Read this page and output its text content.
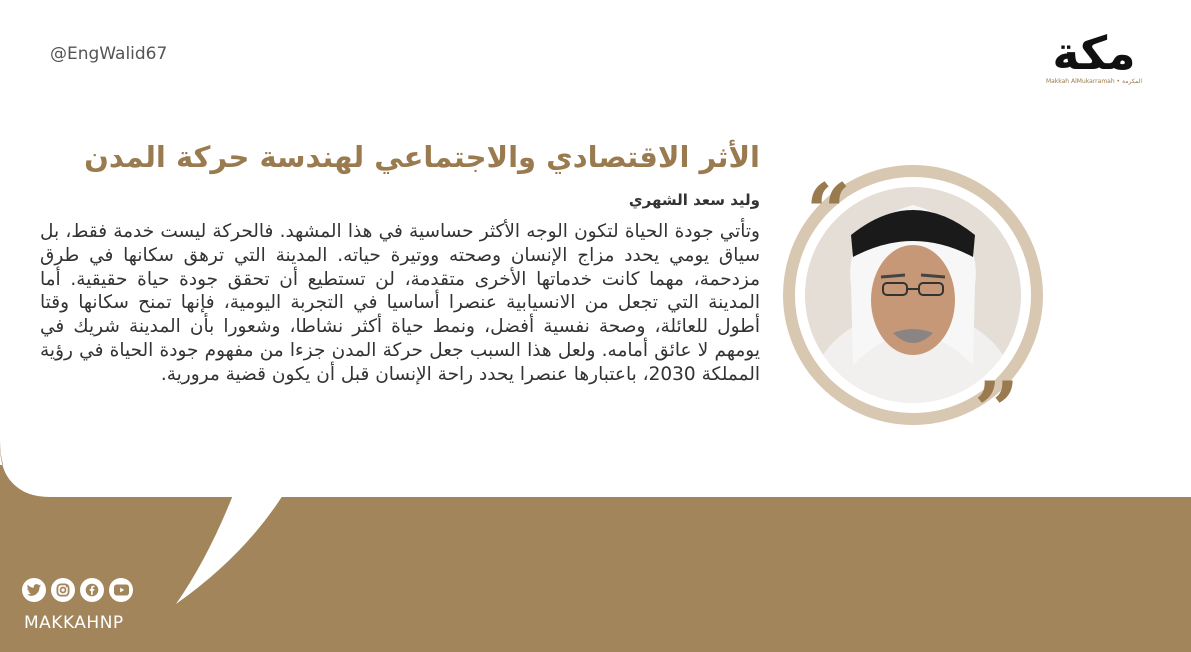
@EngWalid67	مكة
Makkah AlMukarramah • المكرمة
الأثر الاقتصادي والاجتماعي لهندسة حركة المدن
وليد سعد الشهري

وتأتي جودة الحياة لتكون الوجه الأكثر حساسية في هذا المشهد. فالحركة ليست خدمة فقط، بل سياق يومي يحدد مزاج الإنسان وصحته ووتيرة حياته. المدينة التي ترهق سكانها في طرق مزدحمة، مهما كانت خدماتها الأخرى متقدمة، لن تستطيع أن تحقق جودة حياة حقيقية. أما المدينة التي تجعل من الانسيابية عنصرا أساسيا في التجربة اليومية، فإنها تمنح سكانها وقتا أطول للعائلة، وصحة نفسية أفضل، ونمط حياة أكثر نشاطا، وشعورا بأن المدينة شريك في يومهم لا عائق أمامه. ولعل هذا السبب جعل حركة المدن جزءا من مفهوم جودة الحياة في رؤية المملكة 2030، باعتبارها عنصرا يحدد راحة الإنسان قبل أن يكون قضية مرورية.

“
”
MAKKAHNP
